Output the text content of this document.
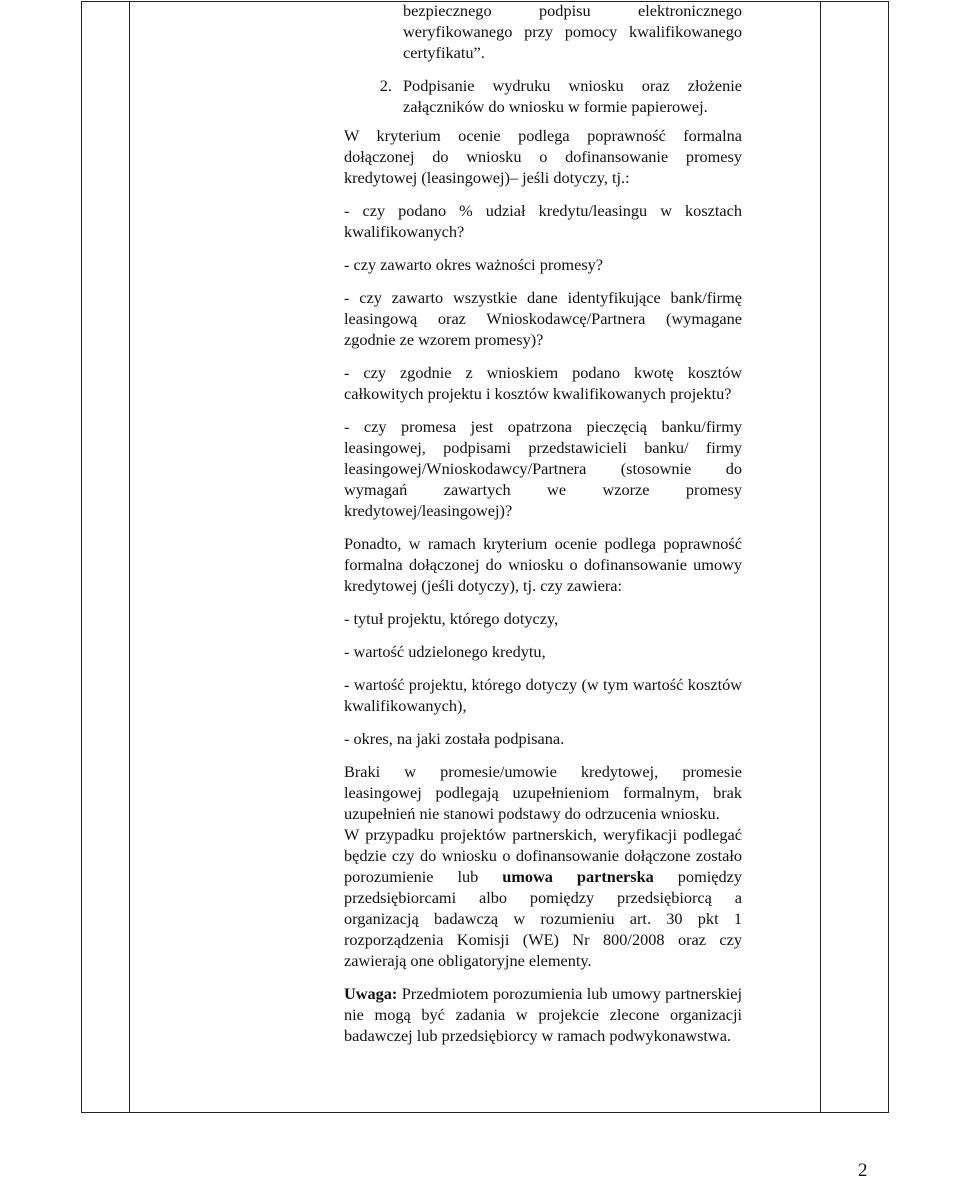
bezpiecznego podpisu elektronicznego weryfikowanego przy pomocy kwalifikowanego certyfikatu”.

2. Podpisanie wydruku wniosku oraz złożenie załączników do wniosku w formie papierowej.

W kryterium ocenie podlega poprawność formalna dołączonej do wniosku o dofinansowanie promesy kredytowej (leasingowej)– jeśli dotyczy, tj.:

- czy podano % udział kredytu/leasingu w kosztach kwalifikowanych?

- czy zawarto okres ważności promesy?

- czy zawarto wszystkie dane identyfikujące bank/firmę leasingową oraz Wnioskodawcę/Partnera (wymagane zgodnie ze wzorem promesy)?

- czy zgodnie z wnioskiem podano kwotę kosztów całkowitych projektu i kosztów kwalifikowanych projektu?

- czy promesa jest opatrzona pieczęcią banku/firmy leasingowej, podpisami przedstawicieli banku/ firmy leasingowej/Wnioskodawcy/Partnera (stosownie do wymagań zawartych we wzorze promesy kredytowej/leasingowej)?

Ponadto, w ramach kryterium ocenie podlega poprawność formalna dołączonej do wniosku o dofinansowanie umowy kredytowej (jeśli dotyczy), tj. czy zawiera:

- tytuł projektu, którego dotyczy,

- wartość udzielonego kredytu,

- wartość projektu, którego dotyczy (w tym wartość kosztów kwalifikowanych),

- okres, na jaki została podpisana.

Braki w promesie/umowie kredytowej, promesie leasingowej podlegają uzupełnieniom formalnym, brak uzupełnień nie stanowi podstawy do odrzucenia wniosku.

W przypadku projektów partnerskich, weryfikacji podlegać będzie czy do wniosku o dofinansowanie dołączone zostało porozumienie lub umowa partnerska pomiędzy przedsiębiorcami albo pomiędzy przedsiębiorcą a organizacją badawczą w rozumieniu art. 30 pkt 1 rozporządzenia Komisji (WE) Nr 800/2008 oraz czy zawierają one obligatoryjne elementy.

Uwaga: Przedmiotem porozumienia lub umowy partnerskiej nie mogą być zadania w projekcie zlecone organizacji badawczej lub przedsiębiorcy w ramach podwykonawstwa.

2
